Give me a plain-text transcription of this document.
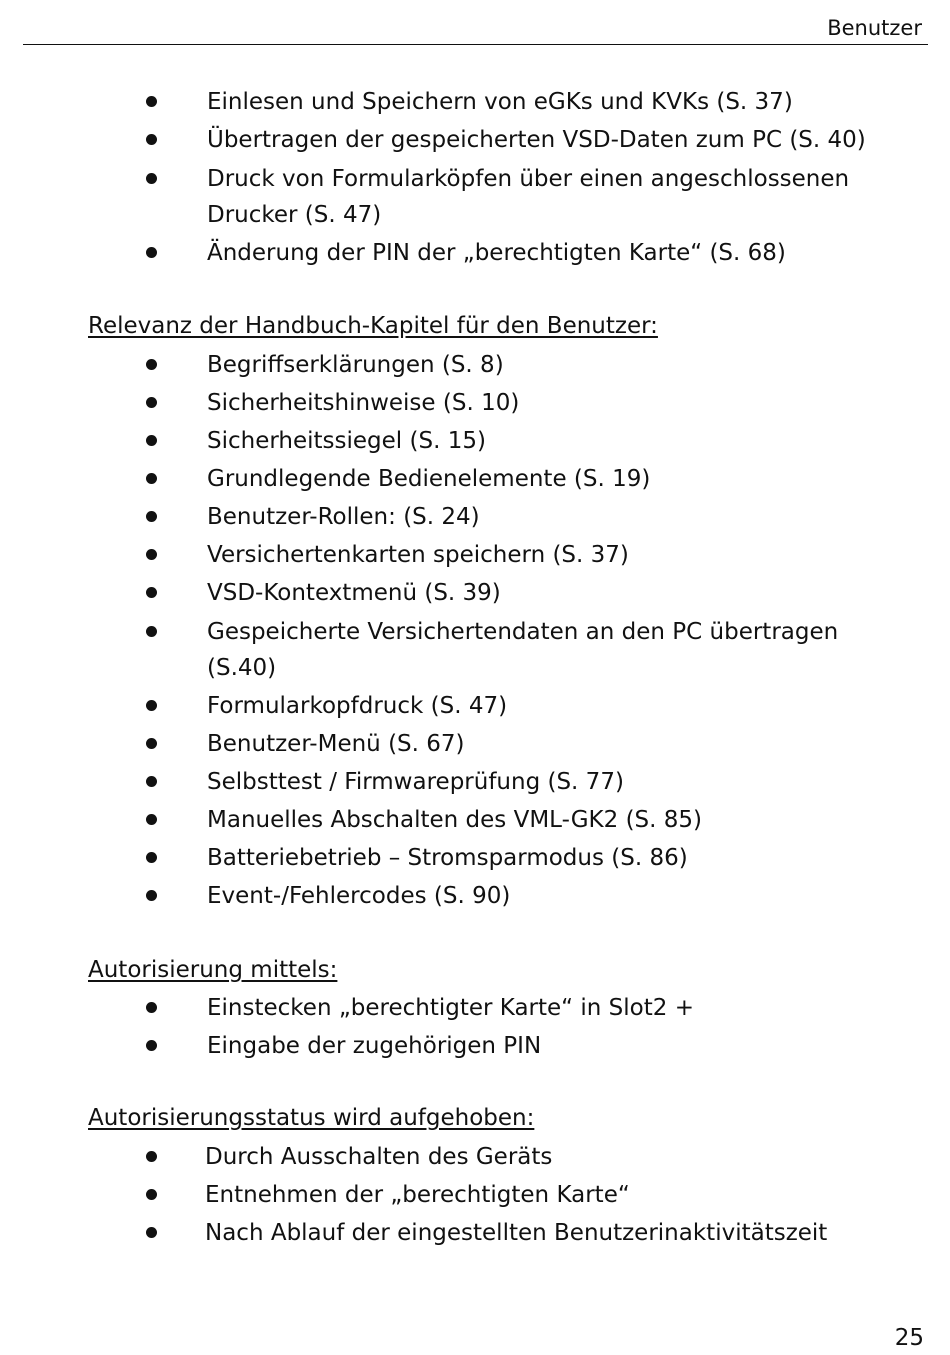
Benutzer
Einlesen und Speichern von eGKs und KVKs (S. 37)
Übertragen der gespeicherten VSD-Daten zum PC (S. 40)
Druck von Formularköpfen über einen angeschlossenen Drucker (S. 47)
Änderung der PIN der „berechtigten Karte“ (S. 68)
Relevanz der Handbuch-Kapitel für den Benutzer:
Begriffserklärungen (S. 8)
Sicherheitshinweise (S. 10)
Sicherheitssiegel (S. 15)
Grundlegende Bedienelemente (S. 19)
Benutzer-Rollen: (S. 24)
Versichertenkarten speichern (S. 37)
VSD-Kontextmenü (S. 39)
Gespeicherte Versichertendaten an den PC übertragen (S.40)
Formularkopfdruck (S. 47)
Benutzer-Menü (S. 67)
Selbsttest / Firmwareprüfung (S. 77)
Manuelles Abschalten des VML-GK2 (S. 85)
Batteriebetrieb – Stromsparmodus (S. 86)
Event-/Fehlercodes (S. 90)
Autorisierung mittels:
Einstecken „berechtigter Karte“ in Slot2 +
Eingabe der zugehörigen PIN
Autorisierungsstatus wird aufgehoben:
Durch Ausschalten des Geräts
Entnehmen der „berechtigten Karte“
Nach Ablauf der eingestellten Benutzerinaktivitätszeit
25
